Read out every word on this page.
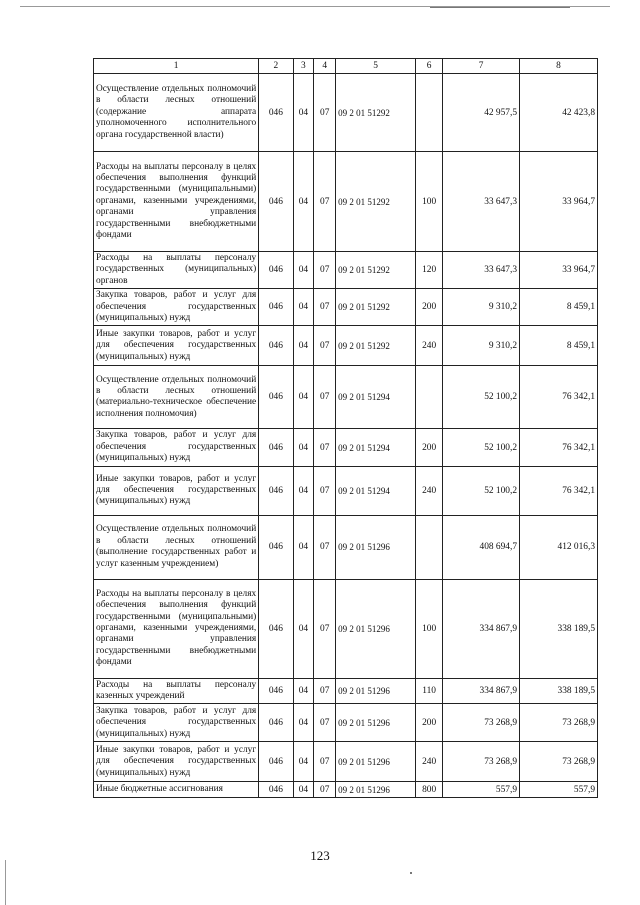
1	2	3	4	5	6	7	8
Осуществление отдельных полномочий в области лесных отношений (содержание аппарата уполномоченного исполнительного органа государственной власти)	046	04	07	09 2 01 51292		42 957,5	42 423,8
Расходы на выплаты персоналу в целях обеспечения выполнения функций государственными (муниципальными) органами, казенными учреждениями, органами управления государственными внебюджетными фондами	046	04	07	09 2 01 51292	100	33 647,3	33 964,7
Расходы на выплаты персоналу государственных (муниципальных) органов	046	04	07	09 2 01 51292	120	33 647,3	33 964,7
Закупка товаров, работ и услуг для обеспечения государственных (муниципальных) нужд	046	04	07	09 2 01 51292	200	9 310,2	8 459,1
Иные закупки товаров, работ и услуг для обеспечения государственных (муниципальных) нужд	046	04	07	09 2 01 51292	240	9 310,2	8 459,1
Осуществление отдельных полномочий в области лесных отношений (материально-техническое обеспечение исполнения полномочия)	046	04	07	09 2 01 51294		52 100,2	76 342,1
Закупка товаров, работ и услуг для обеспечения государственных (муниципальных) нужд	046	04	07	09 2 01 51294	200	52 100,2	76 342,1
Иные закупки товаров, работ и услуг для обеспечения государственных (муниципальных) нужд	046	04	07	09 2 01 51294	240	52 100,2	76 342,1
Осуществление отдельных полномочий в области лесных отношений (выполнение государственных работ и услуг казенным учреждением)	046	04	07	09 2 01 51296		408 694,7	412 016,3
Расходы на выплаты персоналу в целях обеспечения выполнения функций государственными (муниципальными) органами, казенными учреждениями, органами управления государственными внебюджетными фондами	046	04	07	09 2 01 51296	100	334 867,9	338 189,5
Расходы на выплаты персоналу казенных учреждений	046	04	07	09 2 01 51296	110	334 867,9	338 189,5
Закупка товаров, работ и услуг для обеспечения государственных (муниципальных) нужд	046	04	07	09 2 01 51296	200	73 268,9	73 268,9
Иные закупки товаров, работ и услуг для обеспечения государственных (муниципальных) нужд	046	04	07	09 2 01 51296	240	73 268,9	73 268,9
Иные бюджетные ассигнования	046	04	07	09 2 01 51296	800	557,9	557,9
123
